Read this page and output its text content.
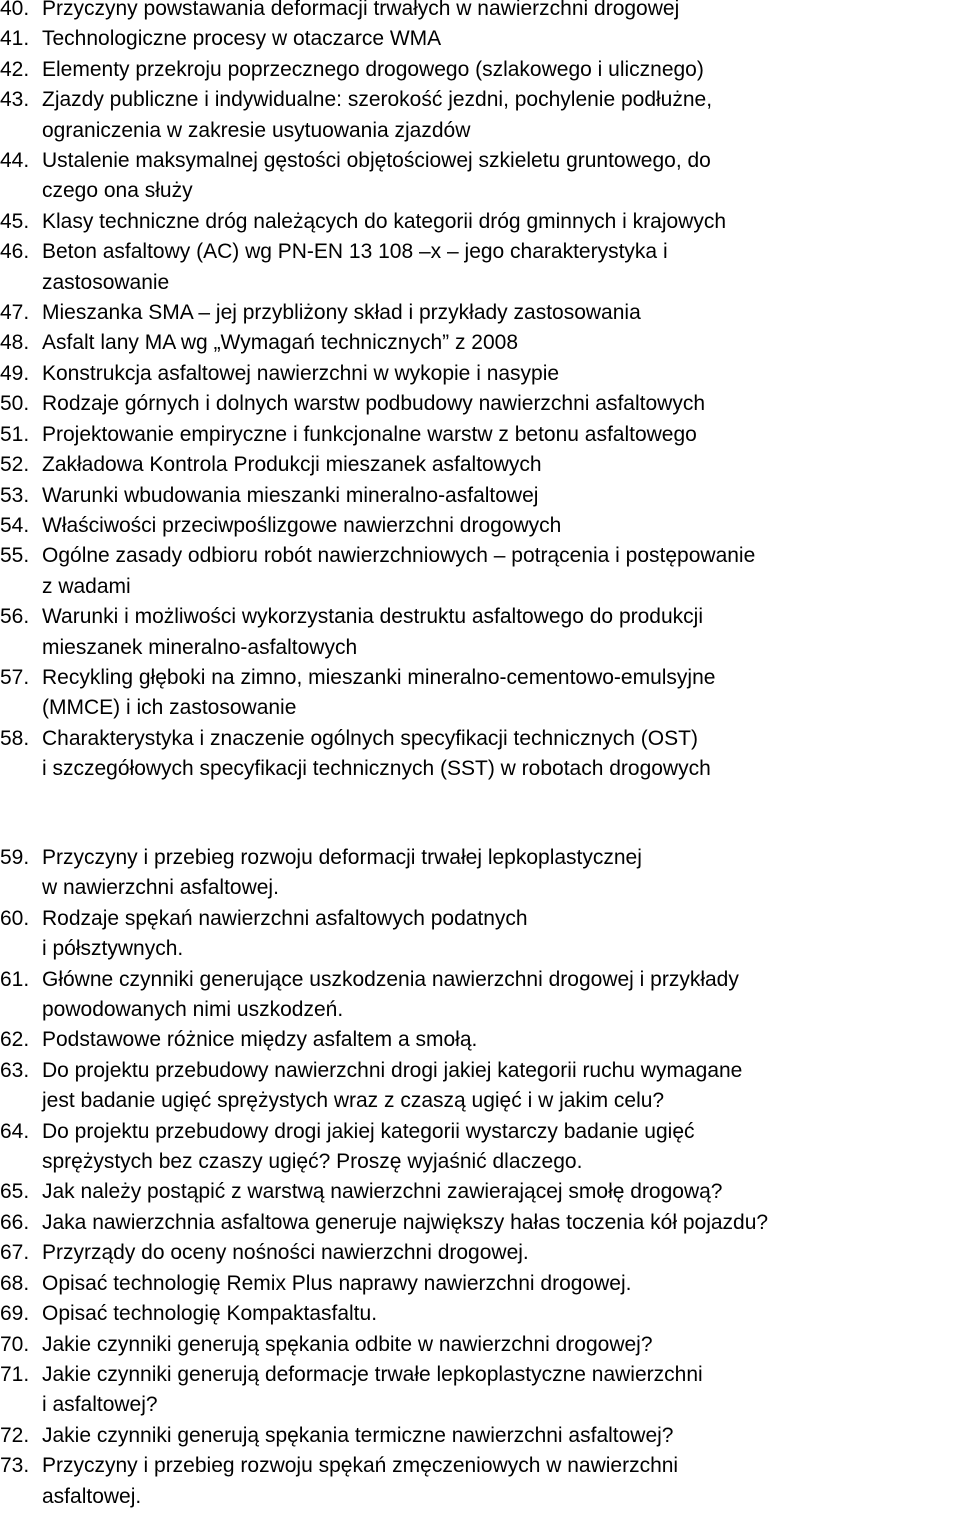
40. Przyczyny powstawania deformacji trwałych w nawierzchni drogowej
41. Technologiczne procesy w otaczarce WMA
42. Elementy przekroju poprzecznego drogowego (szlakowego i ulicznego)
43. Zjazdy publiczne i indywidualne: szerokość jezdni, pochylenie podłużne,
ograniczenia w zakresie usytuowania zjazdów
44. Ustalenie maksymalnej gęstości objętościowej szkieletu gruntowego, do
czego ona służy
45. Klasy techniczne dróg należących do kategorii dróg gminnych i krajowych
46. Beton asfaltowy (AC) wg PN-EN 13 108 –x – jego charakterystyka i
zastosowanie
47. Mieszanka SMA – jej przybliżony skład i przykłady zastosowania
48. Asfalt lany MA wg „Wymagań technicznych” z 2008
49. Konstrukcja asfaltowej nawierzchni w wykopie i nasypie
50. Rodzaje górnych i dolnych warstw podbudowy nawierzchni asfaltowych
51. Projektowanie empiryczne i funkcjonalne warstw z betonu asfaltowego
52. Zakładowa Kontrola Produkcji mieszanek asfaltowych
53. Warunki wbudowania mieszanki mineralno-asfaltowej
54. Właściwości przeciwpoślizgowe nawierzchni drogowych
55. Ogólne zasady odbioru robót nawierzchniowych – potrącenia i postępowanie
z wadami
56. Warunki i możliwości wykorzystania destruktu asfaltowego do produkcji
mieszanek mineralno-asfaltowych
57. Recykling głęboki na zimno, mieszanki mineralno-cementowo-emulsyjne
(MMCE) i ich zastosowanie
58. Charakterystyka i znaczenie ogólnych specyfikacji technicznych (OST)
i szczegółowych specyfikacji technicznych (SST) w robotach drogowych
59. Przyczyny i przebieg rozwoju deformacji trwałej lepkoplastycznej
w nawierzchni asfaltowej.
60. Rodzaje spękań nawierzchni asfaltowych podatnych
i półsztywnych.
61. Główne czynniki generujące uszkodzenia nawierzchni drogowej i przykłady
powodowanych nimi uszkodzeń.
62. Podstawowe różnice między asfaltem a smołą.
63. Do projektu przebudowy nawierzchni drogi jakiej kategorii ruchu wymagane
jest badanie ugięć sprężystych wraz z czaszą ugięć i w jakim celu?
64. Do projektu przebudowy drogi jakiej kategorii wystarczy badanie ugięć
sprężystych bez czaszy ugięć? Proszę wyjaśnić dlaczego.
65. Jak należy postąpić z warstwą nawierzchni zawierającej smołę drogową?
66. Jaka nawierzchnia asfaltowa generuje największy hałas toczenia kół pojazdu?
67. Przyrządy do oceny nośności nawierzchni drogowej.
68. Opisać technologię Remix Plus naprawy nawierzchni drogowej.
69. Opisać technologię Kompaktasfaltu.
70. Jakie czynniki generują spękania odbite w nawierzchni drogowej?
71. Jakie czynniki generują deformacje trwałe lepkoplastyczne nawierzchni
i asfaltowej?
72. Jakie czynniki generują spękania termiczne nawierzchni asfaltowej?
73. Przyczyny i przebieg rozwoju spękań zmęczeniowych w nawierzchni
asfaltowej.
